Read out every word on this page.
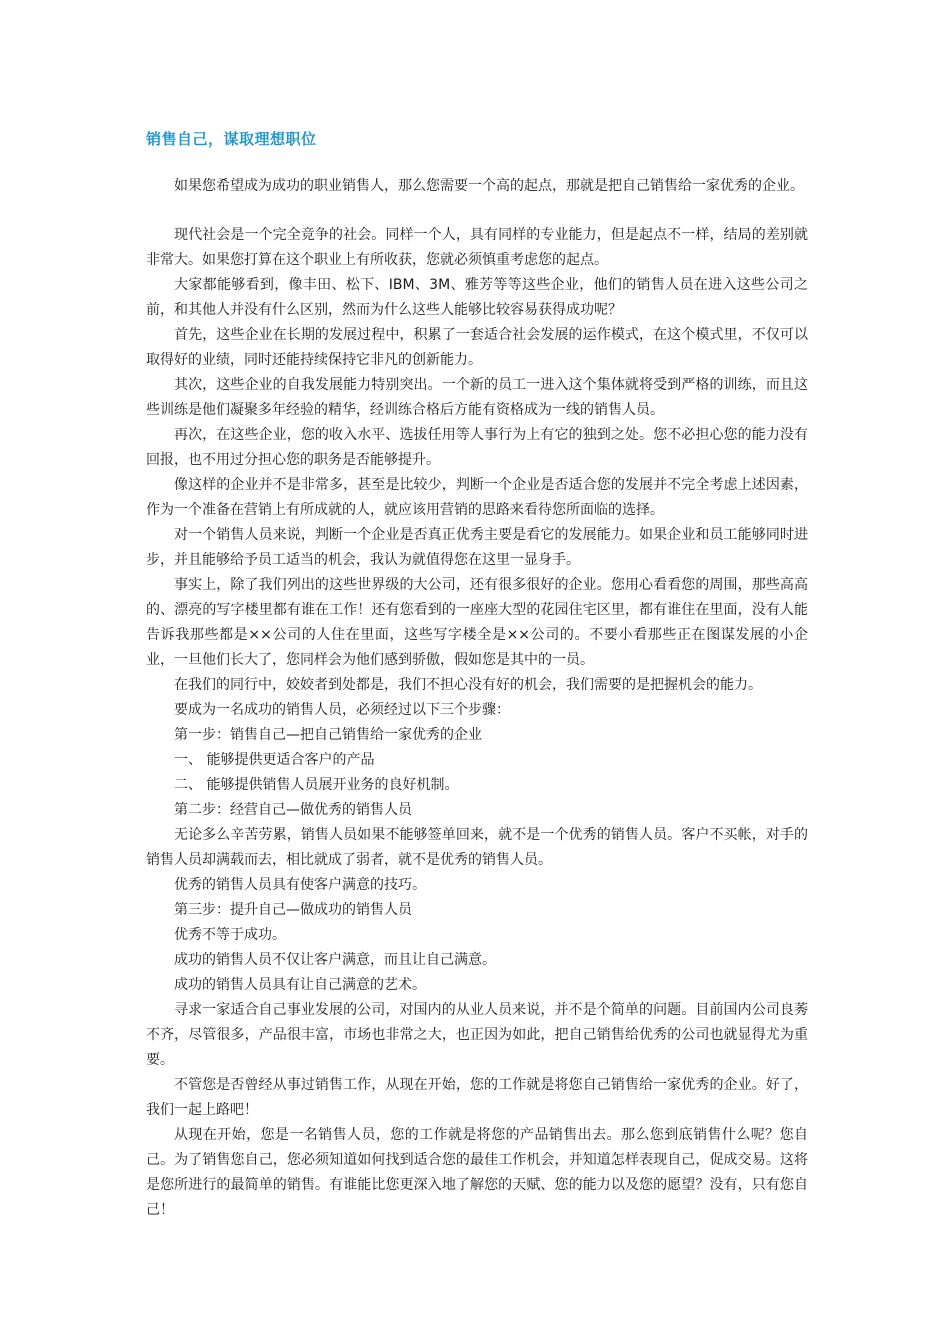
销售自己，谋取理想职位

如果您希望成为成功的职业销售人，那么您需要一个高的起点，那就是把自己销售给一家优秀的企业。

现代社会是一个完全竞争的社会。同样一个人，具有同样的专业能力，但是起点不一样，结局的差别就非常大。如果您打算在这个职业上有所收获，您就必须慎重考虑您的起点。

大家都能够看到，像丰田、松下、IBM、3M、雅芳等等这些企业，他们的销售人员在进入这些公司之前，和其他人并没有什么区别，然而为什么这些人能够比较容易获得成功呢？

首先，这些企业在长期的发展过程中，积累了一套适合社会发展的运作模式，在这个模式里，不仅可以取得好的业绩，同时还能持续保持它非凡的创新能力。

其次，这些企业的自我发展能力特别突出。一个新的员工一进入这个集体就将受到严格的训练，而且这些训练是他们凝聚多年经验的精华，经训练合格后方能有资格成为一线的销售人员。

再次，在这些企业，您的收入水平、选拔任用等人事行为上有它的独到之处。您不必担心您的能力没有回报，也不用过分担心您的职务是否能够提升。

像这样的企业并不是非常多，甚至是比较少，判断一个企业是否适合您的发展并不完全考虑上述因素，作为一个准备在营销上有所成就的人，就应该用营销的思路来看待您所面临的选择。

对一个销售人员来说，判断一个企业是否真正优秀主要是看它的发展能力。如果企业和员工能够同时进步，并且能够给予员工适当的机会，我认为就值得您在这里一显身手。

事实上，除了我们列出的这些世界级的大公司，还有很多很好的企业。您用心看看您的周围，那些高高的、漂亮的写字楼里都有谁在工作！还有您看到的一座座大型的花园住宅区里，都有谁住在里面，没有人能告诉我那些都是××公司的人住在里面，这些写字楼全是××公司的。不要小看那些正在图谋发展的小企业，一旦他们长大了，您同样会为他们感到骄傲，假如您是其中的一员。

在我们的同行中，姣姣者到处都是，我们不担心没有好的机会，我们需要的是把握机会的能力。

要成为一名成功的销售人员，必须经过以下三个步骤：

第一步：销售自己—把自己销售给一家优秀的企业

一、 能够提供更适合客户的产品

二、 能够提供销售人员展开业务的良好机制。

第二步：经营自己—做优秀的销售人员

无论多么辛苦劳累，销售人员如果不能够签单回来，就不是一个优秀的销售人员。客户不买帐，对手的销售人员却满载而去，相比就成了弱者，就不是优秀的销售人员。

优秀的销售人员具有使客户满意的技巧。

第三步：提升自己—做成功的销售人员

优秀不等于成功。

成功的销售人员不仅让客户满意，而且让自己满意。

成功的销售人员具有让自己满意的艺术。

寻求一家适合自己事业发展的公司，对国内的从业人员来说，并不是个简单的问题。目前国内公司良莠不齐，尽管很多，产品很丰富，市场也非常之大，也正因为如此，把自己销售给优秀的公司也就显得尤为重要。

不管您是否曾经从事过销售工作，从现在开始，您的工作就是将您自己销售给一家优秀的企业。好了，我们一起上路吧！

从现在开始，您是一名销售人员，您的工作就是将您的产品销售出去。那么您到底销售什么呢？您自己。为了销售您自己，您必须知道如何找到适合您的最佳工作机会，并知道怎样表现自己，促成交易。这将是您所进行的最简单的销售。有谁能比您更深入地了解您的天赋、您的能力以及您的愿望？没有，只有您自己！
